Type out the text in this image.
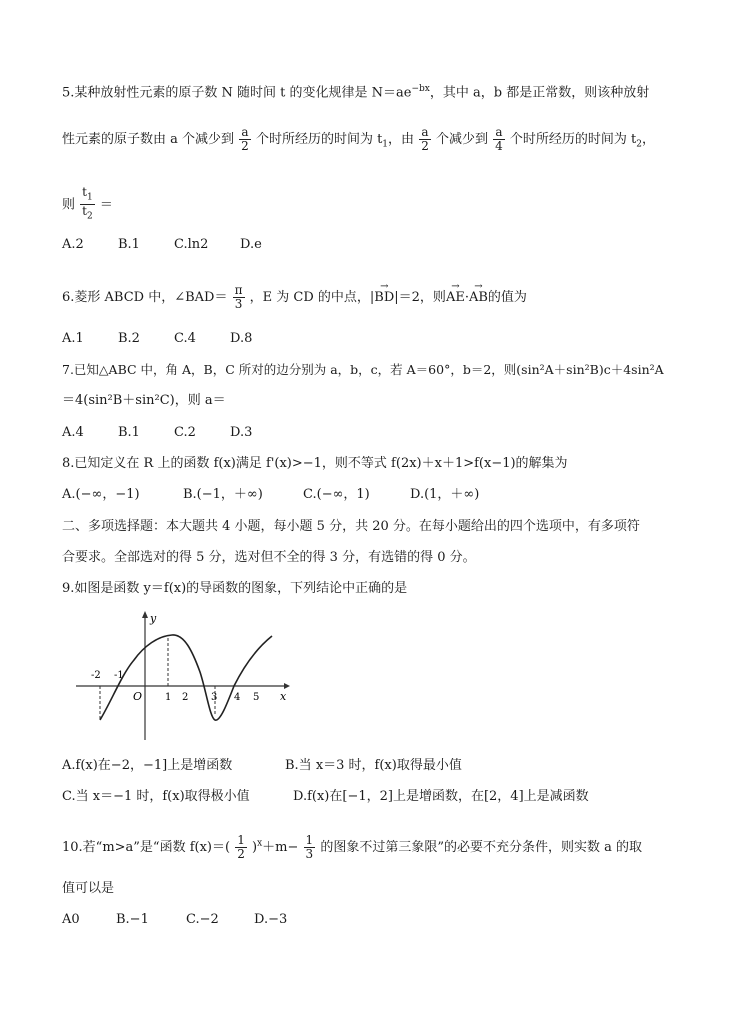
5.某种放射性元素的原子数 N 随时间 t 的变化规律是 $N=ae^{-bx}$，其中 a，b 都是正常数，则该种放射
性元素的原子数由 a 个减少到 $\frac{a}{2}$ 个时所经历的时间为 $t_1$，由 $\frac{a}{2}$ 个减少到 $\frac{a}{4}$ 个时所经历的时间为 $t_2$，
则 $\frac{t_1}{t_2}$ ＝
A.2	B.1	C.ln2 D.e
6.菱形 ABCD 中，∠BAD＝ $\frac{\pi}{3}$ ，E 为 CD 的中点，|→ BD|＝2，则→ AE·→ AB的值为
A.1	B.2	C.4	D.8
7.已知△ABC 中，角 A，B，C 所对的边分别为 a，b，c，若 A＝60°，b＝2，则(sin²A＋sin²B)c＋4sin²A
＝4(sin²B＋sin²C)，则 a＝
A.4	B.1	C.2	D.3
8.已知定义在 R 上的函数 f(x)满足 f'(x)>−1，则不等式 f(2x)＋x＋1>f(x−1)的解集为
A.(−∞，−1)	B.(−1，＋∞)	C.(−∞，1)	D.(1，＋∞)
二、多项选择题：本大题共 4 小题，每小题 5 分，共 20 分。在每小题给出的四个选项中，有多项符
合要求。全部选对的得 5 分，选对但不全的得 3 分，有选错的得 0 分。
9.如图是函数 y＝f(x)的导函数的图象，下列结论中正确的是
y
x
O
-2 -1
1 2 3 4 5
A.f(x)在−2，−1]上是增函数	B.当 x＝3 时，f(x)取得最小值
C.当 x＝−1 时，f(x)取得极小值	D.f(x)在[−1，2]上是增函数，在[2，4]上是减函数
10.若“m>a”是“函数 $f(x)=( \frac{1}{2} )^x+m- \frac{1}{3}$ 的图象不过第三象限”的必要不充分条件，则实数 a 的取
值可以是
A0	B.−1	C.−2	D.−3
